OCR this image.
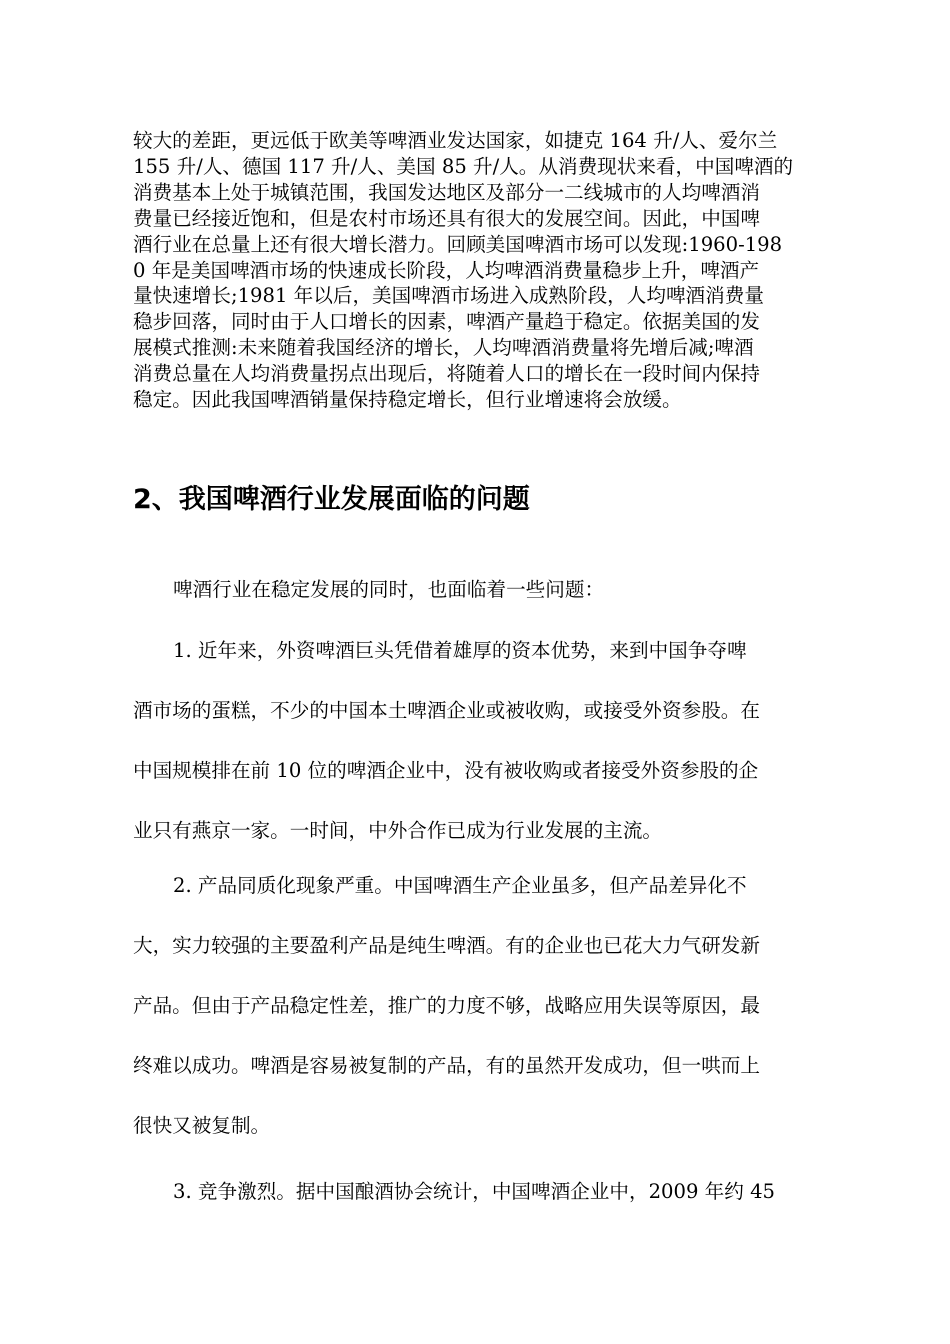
较大的差距，更远低于欧美等啤酒业发达国家，如捷克 164 升/人、爱尔兰
155 升/人、德国 117 升/人、美国 85 升/人。从消费现状来看，中国啤酒的
消费基本上处于城镇范围，我国发达地区及部分一二线城市的人均啤酒消
费量已经接近饱和，但是农村市场还具有很大的发展空间。因此，中国啤
酒行业在总量上还有很大增长潜力。回顾美国啤酒市场可以发现:1960-198
0 年是美国啤酒市场的快速成长阶段，人均啤酒消费量稳步上升，啤酒产
量快速增长;1981 年以后，美国啤酒市场进入成熟阶段，人均啤酒消费量
稳步回落，同时由于人口增长的因素，啤酒产量趋于稳定。依据美国的发
展模式推测:未来随着我国经济的增长，人均啤酒消费量将先增后减;啤酒
消费总量在人均消费量拐点出现后，将随着人口的增长在一段时间内保持
稳定。因此我国啤酒销量保持稳定增长，但行业增速将会放缓。
2、我国啤酒行业发展面临的问题
啤酒行业在稳定发展的同时，也面临着一些问题：
1. 近年来，外资啤酒巨头凭借着雄厚的资本优势，来到中国争夺啤
酒市场的蛋糕，不少的中国本土啤酒企业或被收购，或接受外资参股。在
中国规模排在前 10 位的啤酒企业中，没有被收购或者接受外资参股的企
业只有燕京一家。一时间，中外合作已成为行业发展的主流。
2. 产品同质化现象严重。中国啤酒生产企业虽多，但产品差异化不
大，实力较强的主要盈利产品是纯生啤酒。有的企业也已花大力气研发新
产品。但由于产品稳定性差，推广的力度不够，战略应用失误等原因，最
终难以成功。啤酒是容易被复制的产品，有的虽然开发成功，但一哄而上
很快又被复制。
3. 竞争激烈。据中国酿酒协会统计，中国啤酒企业中，2009 年约 45
